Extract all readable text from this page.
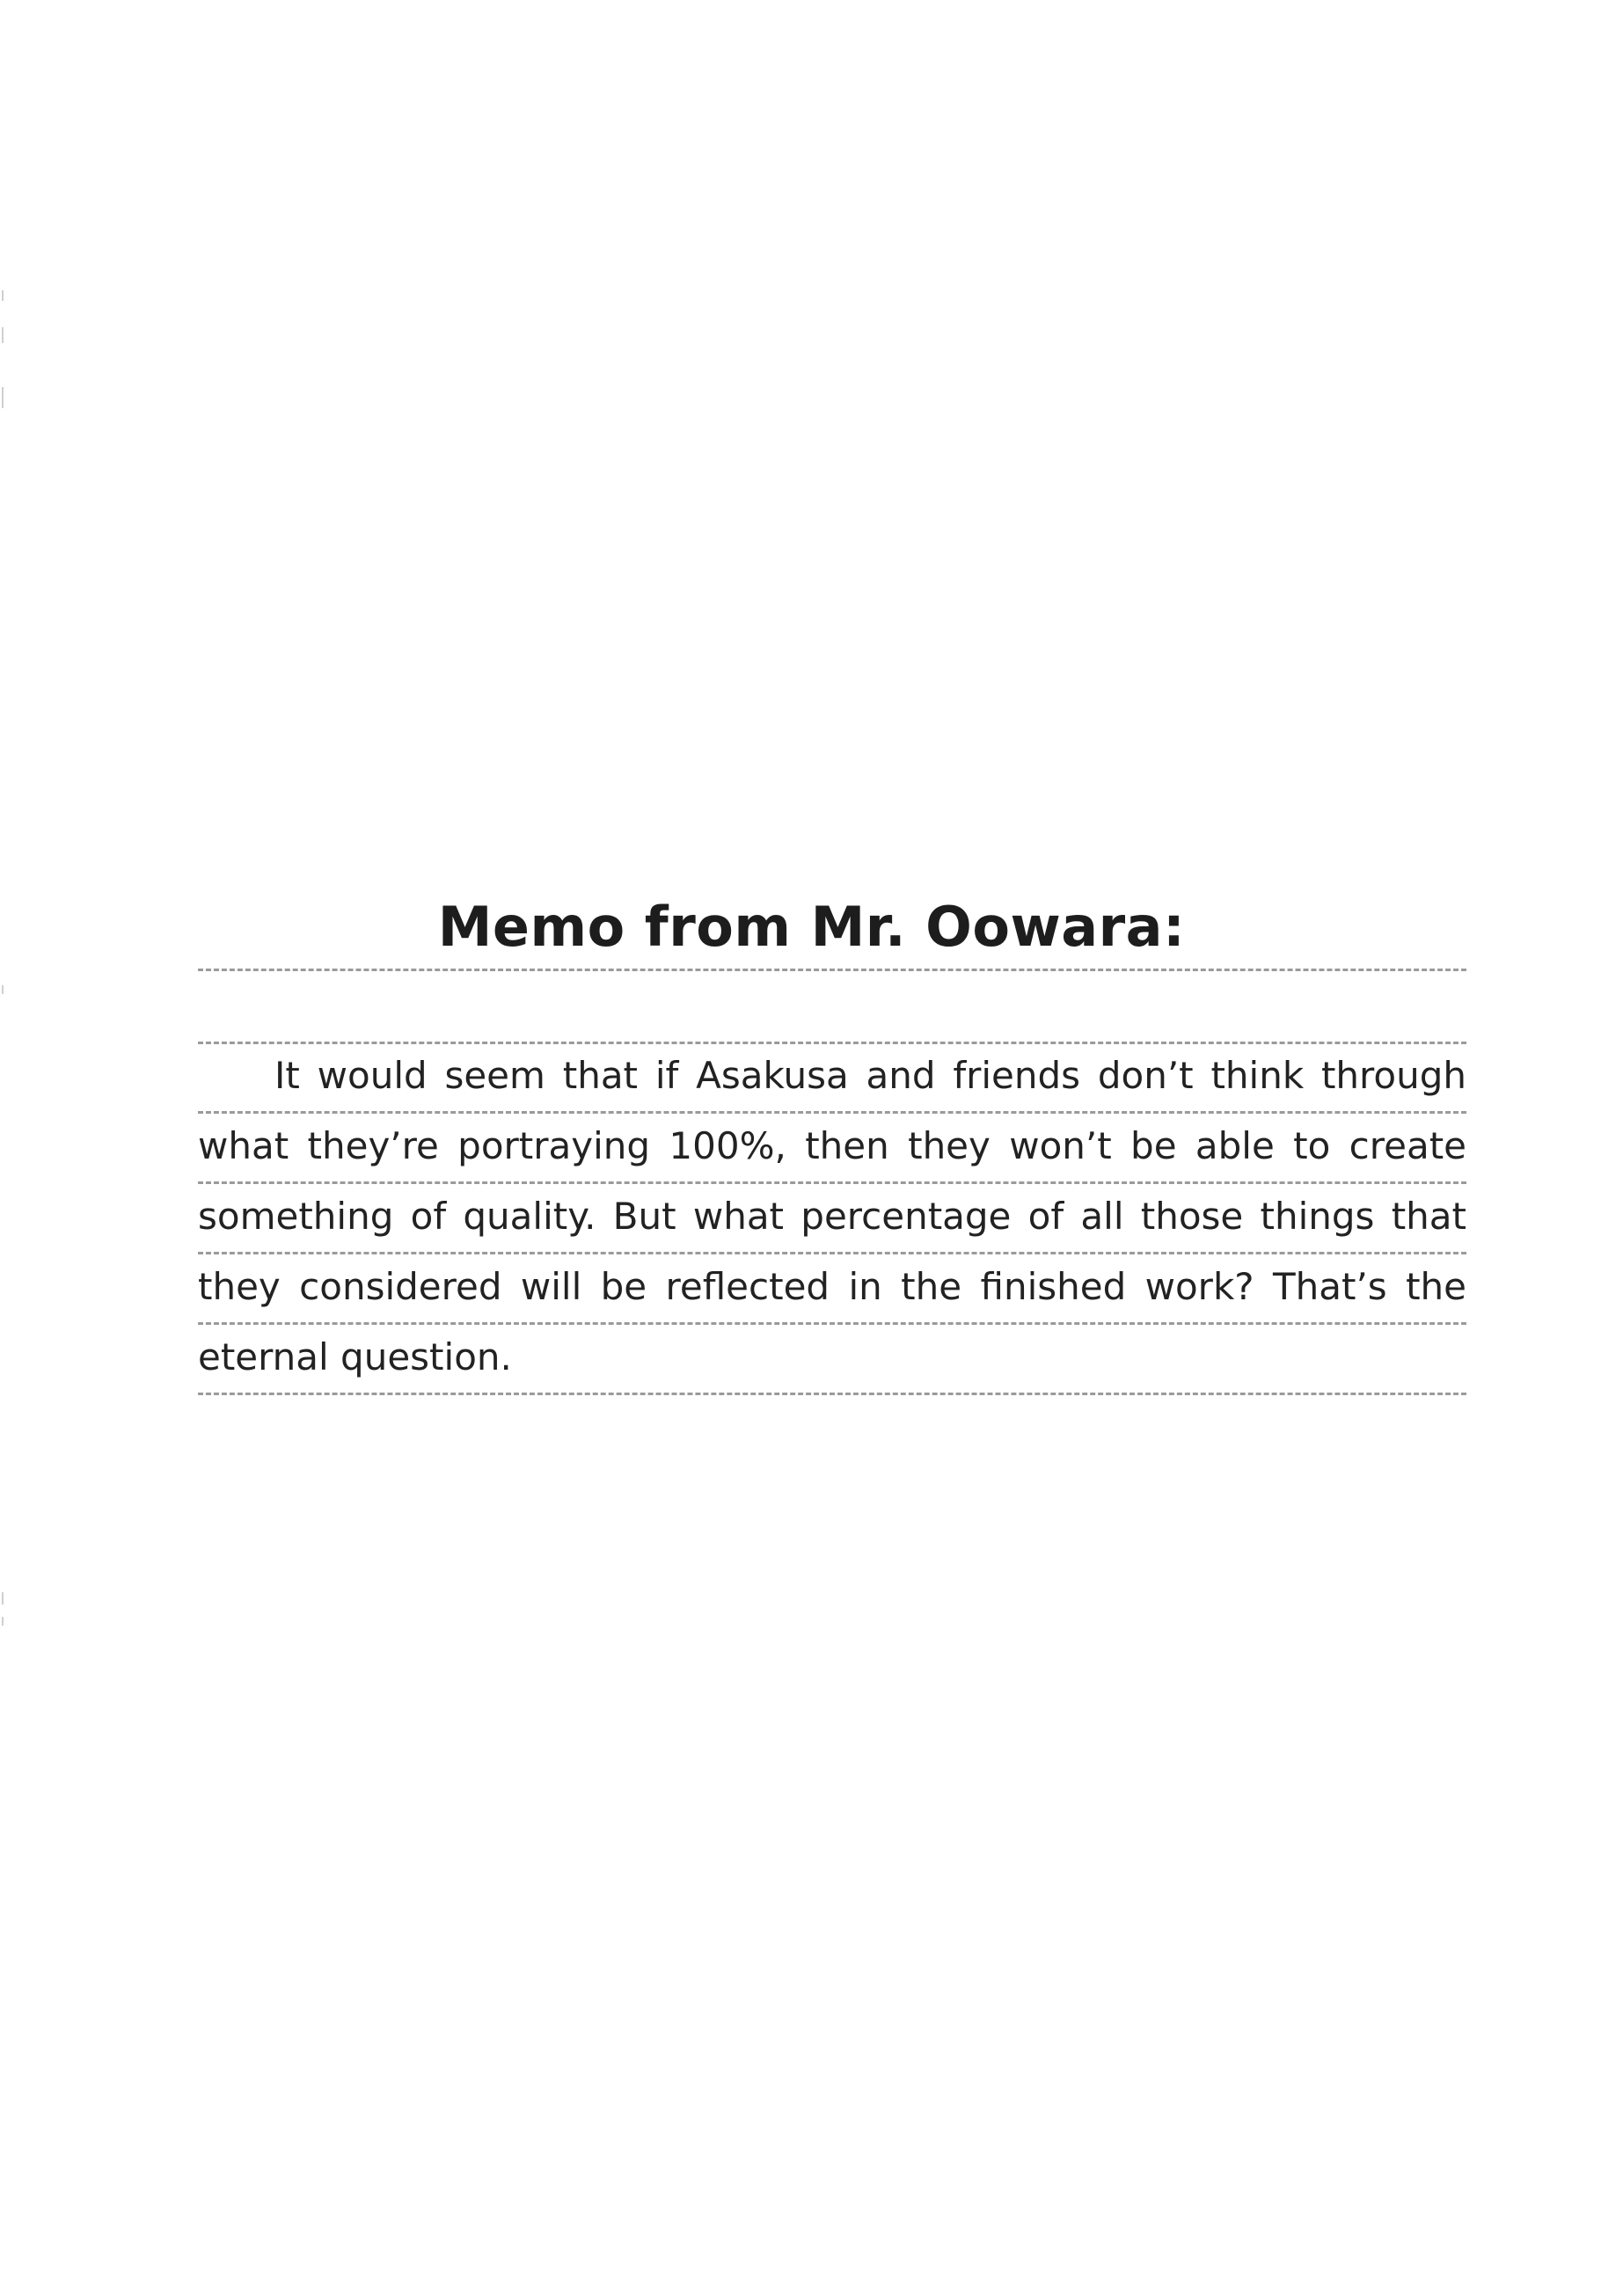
Memo from Mr. Oowara:
It would seem that if Asakusa and friends don’t think through
what they’re portraying 100%, then they won’t be able to create
something of quality. But what percentage of all those things that
they considered will be reflected in the finished work? That’s the
eternal question.
